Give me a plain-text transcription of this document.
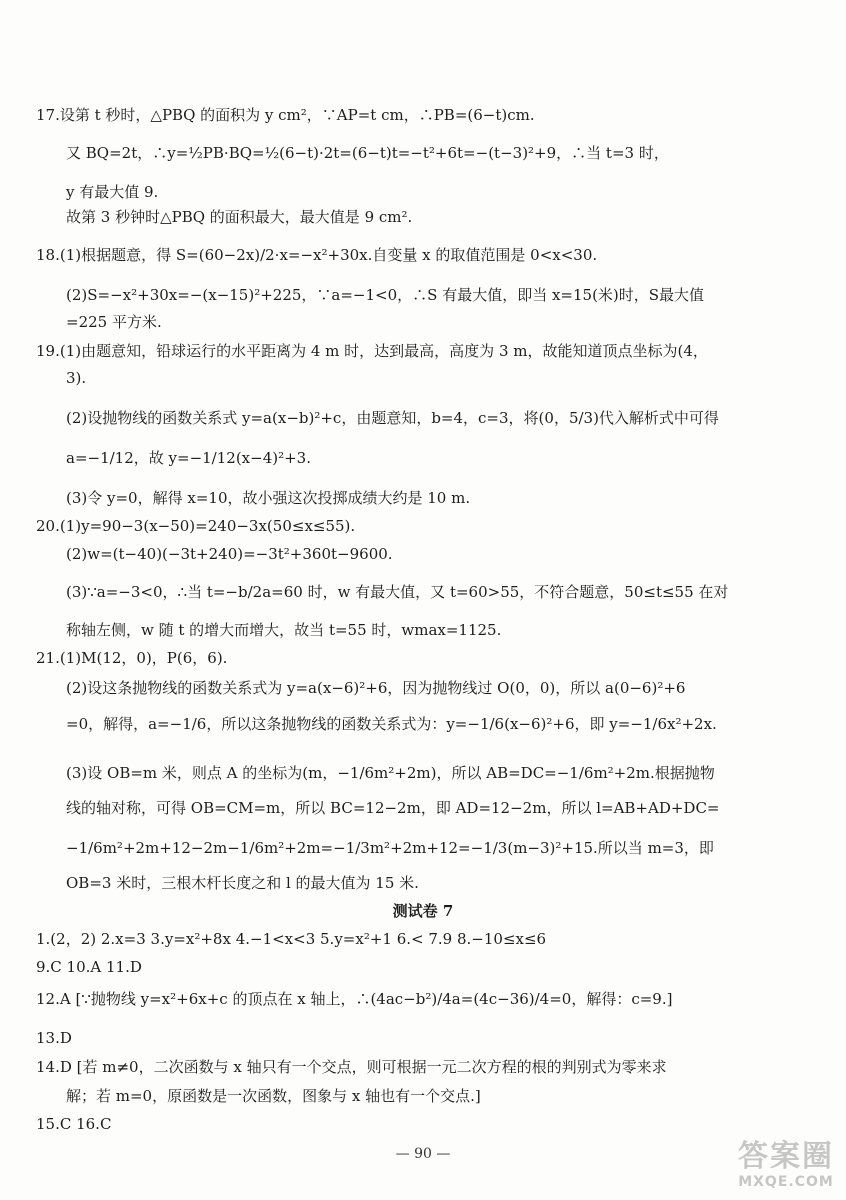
17.设第 t 秒时，△PBQ 的面积为 y cm²，∵AP=t cm，∴PB=(6−t)cm.
又 BQ=2t，∴y=½PB·BQ=½(6−t)·2t=(6−t)t=−t²+6t=−(t−3)²+9，∴当 t=3 时，
y 有最大值 9.
故第 3 秒钟时△PBQ 的面积最大，最大值是 9 cm².
18.(1)根据题意，得 S=(60−2x)/2·x=−x²+30x.自变量 x 的取值范围是 0<x<30.
(2)S=−x²+30x=−(x−15)²+225，∵a=−1<0，∴S 有最大值，即当 x=15(米)时，S最大值
=225 平方米.
19.(1)由题意知，铅球运行的水平距离为 4 m 时，达到最高，高度为 3 m，故能知道顶点坐标为(4，
3).
(2)设抛物线的函数关系式 y=a(x−b)²+c，由题意知，b=4，c=3，将(0，5/3)代入解析式中可得
a=−1/12，故 y=−1/12(x−4)²+3.
(3)令 y=0，解得 x=10，故小强这次投掷成绩大约是 10 m.
20.(1)y=90−3(x−50)=240−3x(50≤x≤55).
(2)w=(t−40)(−3t+240)=−3t²+360t−9600.
(3)∵a=−3<0，∴当 t=−b/2a=60 时，w 有最大值，又 t=60>55，不符合题意，50≤t≤55 在对
称轴左侧，w 随 t 的增大而增大，故当 t=55 时，wmax=1125.
21.(1)M(12，0)，P(6，6).
(2)设这条抛物线的函数关系式为 y=a(x−6)²+6，因为抛物线过 O(0，0)，所以 a(0−6)²+6
=0，解得，a=−1/6，所以这条抛物线的函数关系式为：y=−1/6(x−6)²+6，即 y=−1/6x²+2x.
(3)设 OB=m 米，则点 A 的坐标为(m，−1/6m²+2m)，所以 AB=DC=−1/6m²+2m.根据抛物
线的轴对称，可得 OB=CM=m，所以 BC=12−2m，即 AD=12−2m，所以 l=AB+AD+DC=
−1/6m²+2m+12−2m−1/6m²+2m=−1/3m²+2m+12=−1/3(m−3)²+15.所以当 m=3，即
OB=3 米时，三根木杆长度之和 l 的最大值为 15 米.
测试卷 7
1.(2，2) 2.x=3 3.y=x²+8x 4.−1<x<3 5.y=x²+1 6.< 7.9 8.−10≤x≤6
9.C 10.A 11.D
12.A [∵抛物线 y=x²+6x+c 的顶点在 x 轴上，∴(4ac−b²)/4a=(4c−36)/4=0，解得：c=9.]
13.D
14.D [若 m≠0，二次函数与 x 轴只有一个交点，则可根据一元二次方程的根的判别式为零来求
解；若 m=0，原函数是一次函数，图象与 x 轴也有一个交点.]
15.C 16.C
— 90 —	答案圈
MXQE.COM
